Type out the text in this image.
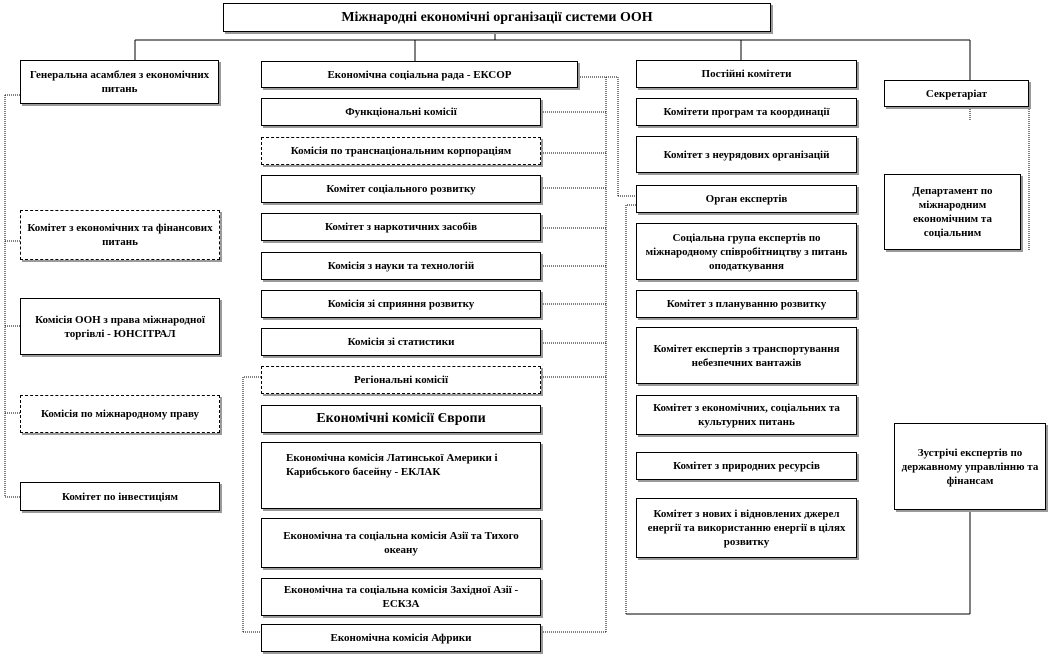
Міжнародні економічні організації системи ООН
Генеральна асамблея з економічних питань
Комітет з економічних та фінансових питань
Комісія ООН з права міжнародної торгівлі - ЮНСІТРАЛ
Комісія по міжнародному праву
Комітет по інвестиціям
Економічна соціальна рада - ЕКСОР
Функціональні комісії
Комісія по транснаціональним корпораціям
Комітет соціального розвитку
Комітет з наркотичних засобів
Комісія з науки та технологій
Комісія зі сприяння розвитку
Комісія зі статистики
Регіональні комісії
Економічні комісії Європи
Економічна комісія Латинської Америки і Карибського басейну - ЕКЛАК
Економічна та соціальна комісія Азії та Тихого океану
Економічна та соціальна комісія Західної Азії - ЕСКЗА
Економічна комісія Африки
Постійні комітети
Комітети програм та координації
Комітет з неурядових організацій
Орган експертів
Соціальна група експертів по міжнародному співробітництву з питань оподаткування
Комітет з плануванню розвитку
Комітет експертів з транспортування небезпечних вантажів
Комітет з економічних, соціальних та культурних питань
Комітет з природних ресурсів
Комітет з нових і відновлених джерел енергії та використанню енергії в цілях розвитку
Секретаріат
Департамент по міжнародним економічним та соціальним
Зустрічі експертів по державному управлінню та фінансам
